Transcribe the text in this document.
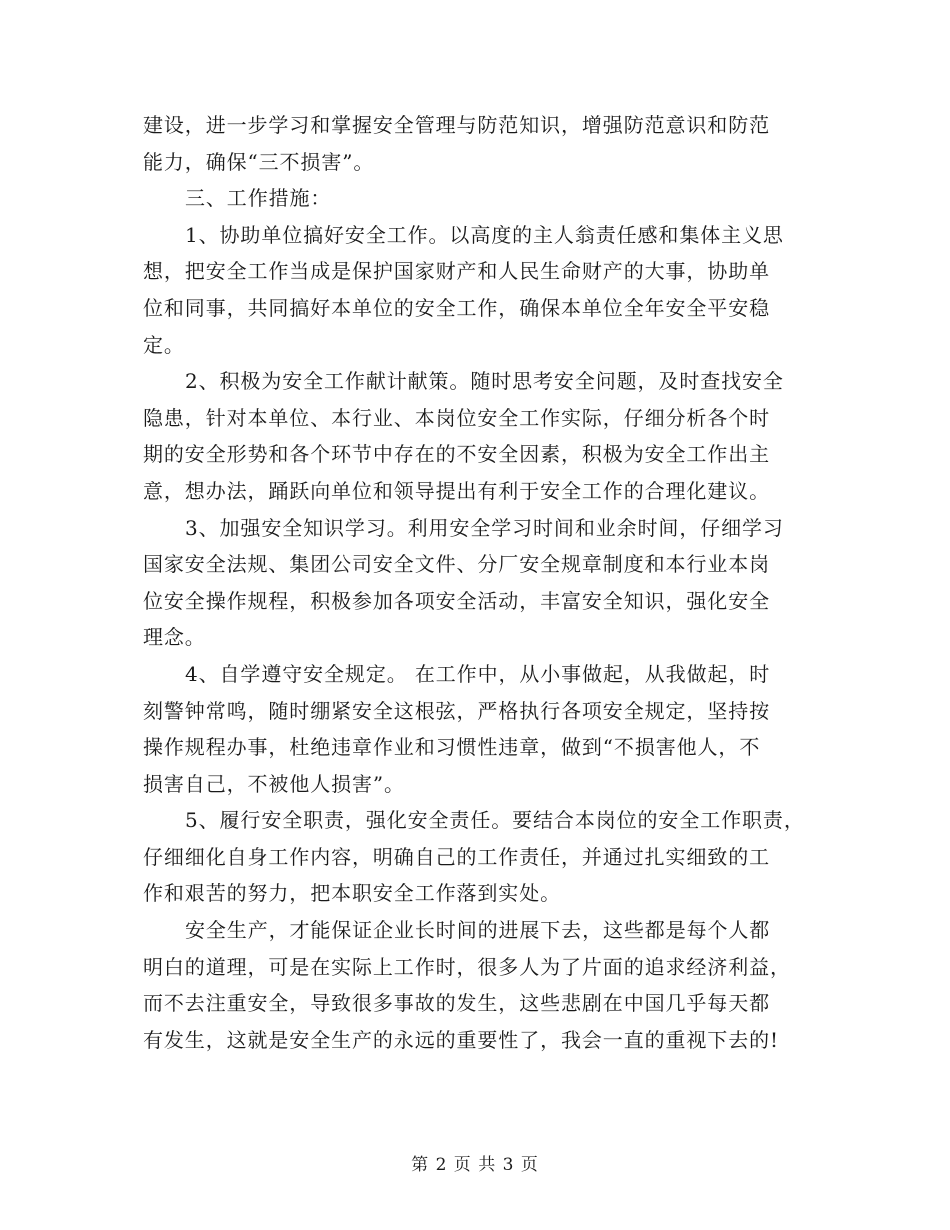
建设，进一步学习和掌握安全管理与防范知识，增强防范意识和防范
能力，确保“三不损害”。
三、工作措施：
1、协助单位搞好安全工作。以高度的主人翁责任感和集体主义思
想，把安全工作当成是保护国家财产和人民生命财产的大事，协助单
位和同事，共同搞好本单位的安全工作，确保本单位全年安全平安稳
定。
2、积极为安全工作献计献策。随时思考安全问题，及时查找安全
隐患，针对本单位、本行业、本岗位安全工作实际，仔细分析各个时
期的安全形势和各个环节中存在的不安全因素，积极为安全工作出主
意，想办法，踊跃向单位和领导提出有利于安全工作的合理化建议。
3、加强安全知识学习。利用安全学习时间和业余时间，仔细学习
国家安全法规、集团公司安全文件、分厂安全规章制度和本行业本岗
位安全操作规程，积极参加各项安全活动，丰富安全知识，强化安全
理念。
4、自学遵守安全规定。 在工作中，从小事做起，从我做起，时
刻警钟常鸣，随时绷紧安全这根弦，严格执行各项安全规定，坚持按
操作规程办事，杜绝违章作业和习惯性违章，做到“不损害他人，不
损害自己，不被他人损害”。
5、履行安全职责，强化安全责任。要结合本岗位的安全工作职责，
仔细细化自身工作内容，明确自己的工作责任，并通过扎实细致的工
作和艰苦的努力，把本职安全工作落到实处。
安全生产，才能保证企业长时间的进展下去，这些都是每个人都
明白的道理，可是在实际上工作时，很多人为了片面的追求经济利益，
而不去注重安全，导致很多事故的发生，这些悲剧在中国几乎每天都
有发生，这就是安全生产的永远的重要性了，我会一直的重视下去的!
第 2 页 共 3 页
